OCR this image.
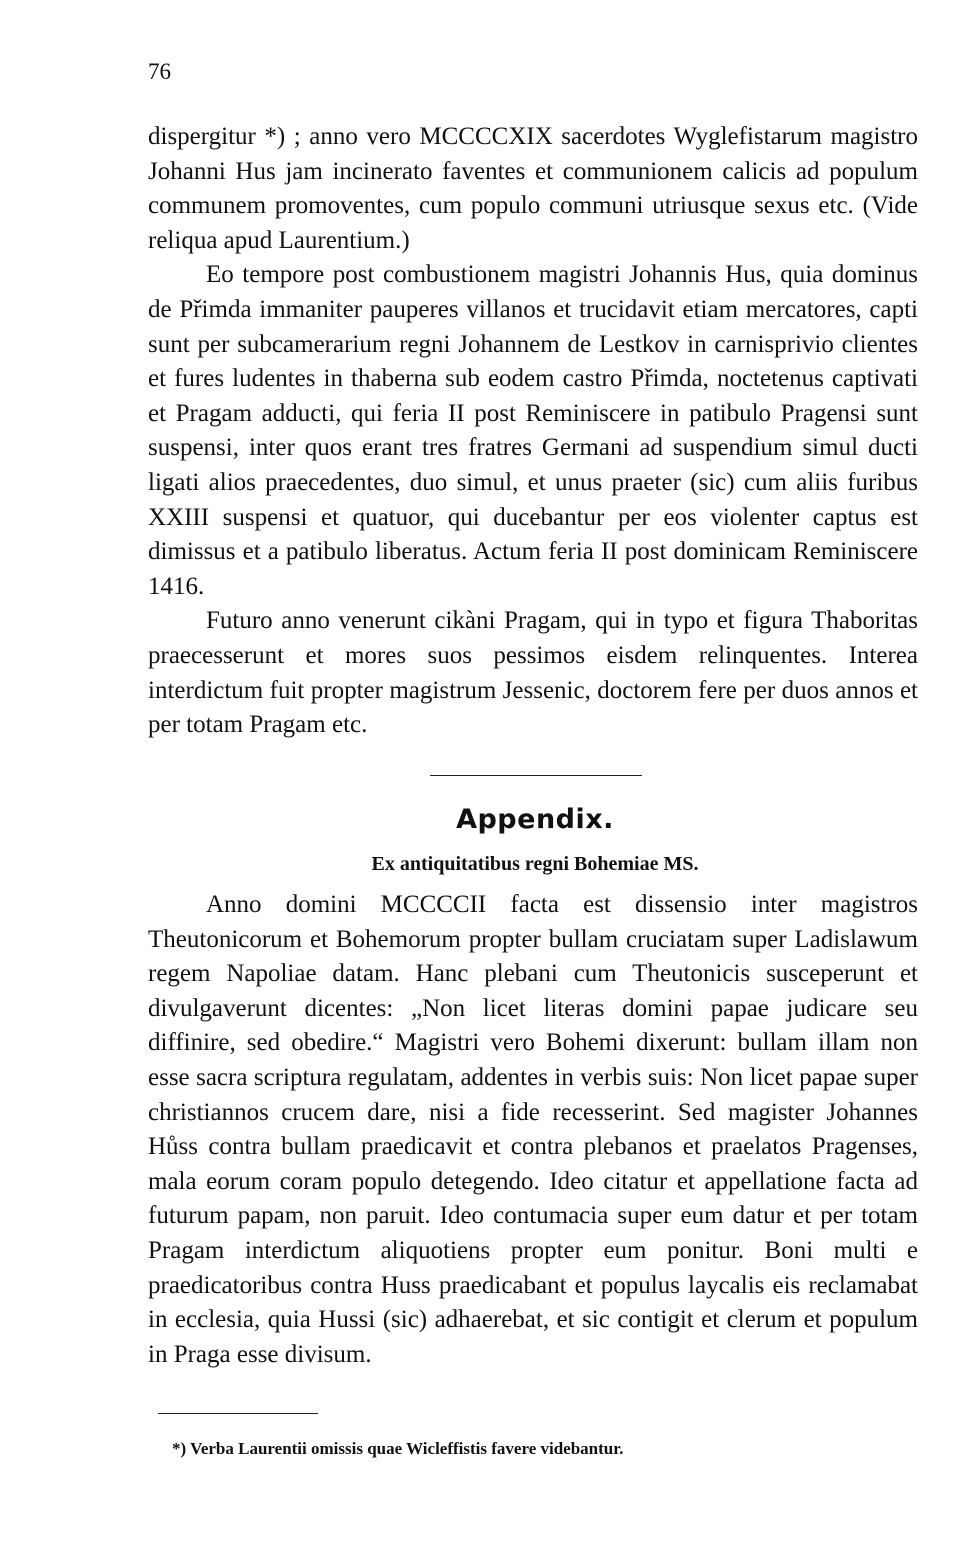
76

dispergitur *) ; anno vero MCCCCXIX sacerdotes Wyglefistarum magistro Johanni Hus jam incinerato faventes et communionem calicis ad populum communem promoventes, cum populo communi utriusque sexus etc. (Vide reliqua apud Laurentium.)

Eo tempore post combustionem magistri Johannis Hus, quia dominus de Přimda immaniter pauperes villanos et trucidavit etiam mercatores, capti sunt per subcamerarium regni Johannem de Lestkov in carnisprivio clientes et fures ludentes in thaberna sub eodem castro Přimda, noctetenus captivati et Pragam adducti, qui feria II post Reminiscere in patibulo Pragensi sunt suspensi, inter quos erant tres fratres Germani ad suspendium simul ducti ligati alios praecedentes, duo simul, et unus praeter (sic) cum aliis furibus XXIII suspensi et quatuor, qui ducebantur per eos violenter captus est dimissus et a patibulo liberatus. Actum feria II post dominicam Reminiscere 1416.

Futuro anno venerunt cikàni Pragam, qui in typo et figura Thaboritas praecesserunt et mores suos pessimos eisdem relinquentes. Interea interdictum fuit propter magistrum Jessenic, doctorem fere per duos annos et per totam Pragam etc.

Appendix.
Ex antiquitatibus regni Bohemiae MS.

Anno domini MCCCCII facta est dissensio inter magistros Theutonicorum et Bohemorum propter bullam cruciatam super Ladislawum regem Napoliae datam. Hanc plebani cum Theutonicis susceperunt et divulgaverunt dicentes: „Non licet literas domini papae judicare seu diffinire, sed obedire.“ Magistri vero Bohemi dixerunt: bullam illam non esse sacra scriptura regulatam, addentes in verbis suis: Non licet papae super christiannos crucem dare, nisi a fide recesserint. Sed magister Johannes Hůss contra bullam praedicavit et contra plebanos et praelatos Pragenses, mala eorum coram populo detegendo. Ideo citatur et appellatione facta ad futurum papam, non paruit. Ideo contumacia super eum datur et per totam Pragam interdictum aliquotiens propter eum ponitur. Boni multi e praedicatoribus contra Huss praedicabant et populus laycalis eis reclamabat in ecclesia, quia Hussi (sic) adhaerebat, et sic contigit et clerum et populum in Praga esse divisum.

*) Verba Laurentii omissis quae Wicleffistis favere videbantur.
